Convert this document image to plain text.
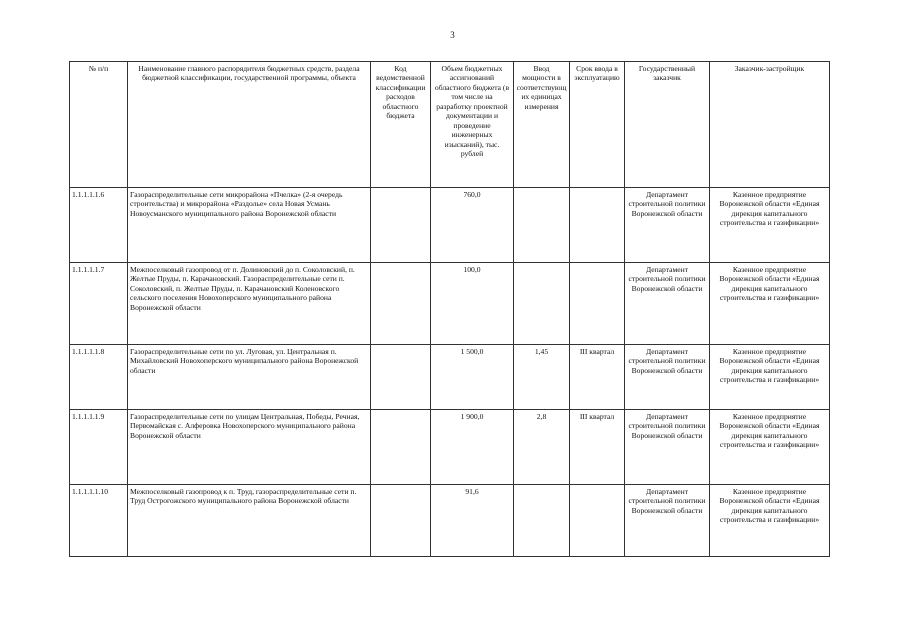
3
№ п/п	Наименование главного распорядителя бюджетных средств, раздела бюджетной классификации, государственной программы, объекта	Код ведомственной классификации расходов областного бюджета	Объем бюджетных ассигнований областного бюджета (в том числе на разработку проектной документации и проведение инженерных изысканий), тыс. рублей	Ввод мощности в соответствующих единицах измерения	Срок ввода в эксплуатацию	Государственный заказчик	Заказчик-застройщик
1.1.1.1.1.6	Газораспределительные сети микрорайона «Пчелка» (2-я очередь строительства) и микрорайона «Раздолье» села Новая Усмань Новоусманского муниципального района Воронежской области		760,0			Департамент строительной политики Воронежской области	Казенное предприятие Воронежской области «Единая дирекция капитального строительства и газификации»
1.1.1.1.1.7	Межпоселковый газопровод от п. Долиновский до п. Соколовский, п. Желтые Пруды, п. Карачановский. Газораспределительные сети п. Соколовский, п. Желтые Пруды, п. Карачановский Коленовского сельского поселения Новохоперского муниципального района Воронежской области		100,0			Департамент строительной политики Воронежской области	Казенное предприятие Воронежской области «Единая дирекция капитального строительства и газификации»
1.1.1.1.1.8	Газораспределительные сети по ул. Луговая, ул. Центральная п. Михайловский Новохоперского муниципального района Воронежской области		1 500,0	1,45	III квартал	Департамент строительной политики Воронежской области	Казенное предприятие Воронежской области «Единая дирекция капитального строительства и газификации»
1.1.1.1.1.9	Газораспределительные сети по улицам Центральная, Победы, Речная, Первомайская с. Алферовка Новохоперского муниципального района Воронежской области		1 900,0	2,8	III квартал	Департамент строительной политики Воронежской области	Казенное предприятие Воронежской области «Единая дирекция капитального строительства и газификации»
1.1.1.1.1.10	Межпоселковый газопровод к п. Труд, газораспределительные сети п. Труд Острогожского муниципального района Воронежской области		91,6			Департамент строительной политики Воронежской области	Казенное предприятие Воронежской области «Единая дирекция капитального строительства и газификации»
